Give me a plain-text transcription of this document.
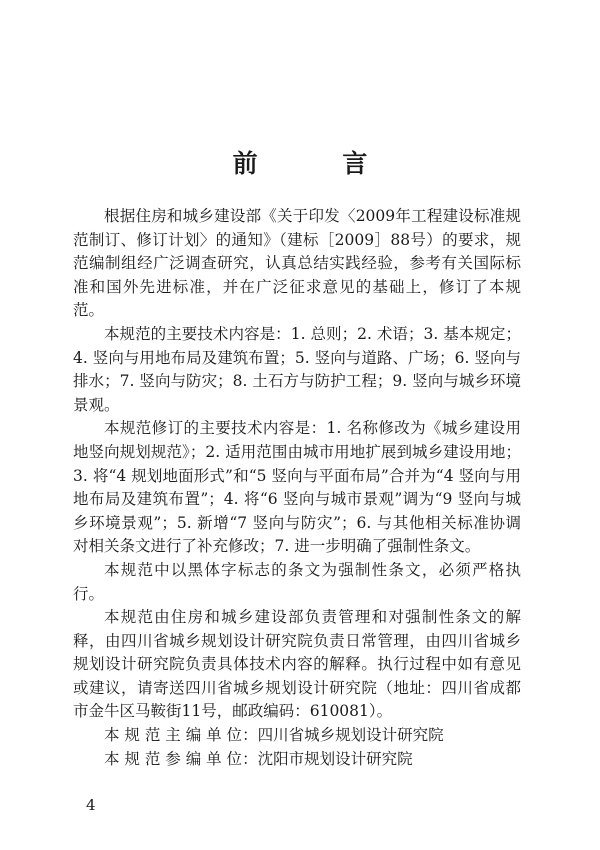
前 言

根据住房和城乡建设部《关于印发〈2009年工程建设标准规范制订、修订计划〉的通知》（建标［2009］88号）的要求，规范编制组经广泛调查研究，认真总结实践经验，参考有关国际标准和国外先进标准，并在广泛征求意见的基础上，修订了本规范。

本规范的主要技术内容是：1. 总则；2. 术语；3. 基本规定；4. 竖向与用地布局及建筑布置；5. 竖向与道路、广场；6. 竖向与排水；7. 竖向与防灾；8. 土石方与防护工程；9. 竖向与城乡环境景观。

本规范修订的主要技术内容是：1. 名称修改为《城乡建设用地竖向规划规范》；2. 适用范围由城市用地扩展到城乡建设用地；3. 将“4 规划地面形式”和“5 竖向与平面布局”合并为“4 竖向与用地布局及建筑布置”；4. 将“6 竖向与城市景观”调为“9 竖向与城乡环境景观”；5. 新增“7 竖向与防灾”；6. 与其他相关标准协调对相关条文进行了补充修改；7. 进一步明确了强制性条文。

本规范中以黑体字标志的条文为强制性条文，必须严格执行。

本规范由住房和城乡建设部负责管理和对强制性条文的解释，由四川省城乡规划设计研究院负责日常管理，由四川省城乡规划设计研究院负责具体技术内容的解释。执行过程中如有意见或建议，请寄送四川省城乡规划设计研究院（地址：四川省成都市金牛区马鞍街11号，邮政编码：610081）。

本 规 范 主 编 单 位：四川省城乡规划设计研究院

本 规 范 参 编 单 位：沈阳市规划设计研究院

4
